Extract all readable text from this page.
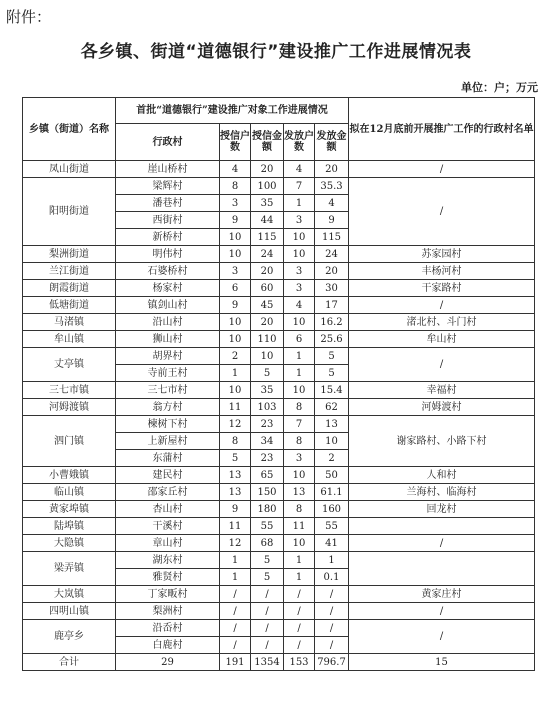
附件：
各乡镇、街道“道德银行”建设推广工作进展情况表
单位：户；万元
乡镇（街道）名称	首批“道德银行”建设推广对象工作进展情况					拟在12月底前开展推广工作的行政村名单
	行政村	授信户数	授信金额	发放户数	发放金额	
凤山街道	崖山桥村	4	20	4	20	/
阳明街道	梁辉村	8	100	7	35.3	/
	潘巷村	3	35	1	4	
	西街村	9	44	3	9	
	新桥村	10	115	10	115	
梨洲街道	明伟村	10	24	10	24	苏家园村
兰江街道	石婆桥村	3	20	3	20	丰杨河村
朗霞街道	杨家村	6	60	3	30	干家路村
低塘街道	镇剑山村	9	45	4	17	/
马渚镇	沿山村	10	20	10	16.2	渚北村、斗门村
牟山镇	狮山村	10	110	6	25.6	牟山村
丈亭镇	胡界村	2	10	1	5	/
	寺前王村	1	5	1	5	
三七市镇	三七市村	10	35	10	15.4	幸福村
河姆渡镇	翁方村	11	103	8	62	河姆渡村
泗门镇	楝树下村	12	23	7	13	谢家路村、小路下村
	上新屋村	8	34	8	10	
	东蒲村	5	23	3	2	
小曹娥镇	建民村	13	65	10	50	人和村
临山镇	邵家丘村	13	150	13	61.1	兰海村、临海村
黄家埠镇	杏山村	9	180	8	160	回龙村
陆埠镇	干溪村	11	55	11	55	
大隐镇	章山村	12	68	10	41	/
梁弄镇	湖东村	1	5	1	1	
	雅贤村	1	5	1	0.1	
大岚镇	丁家畈村	/	/	/	/	黄家庄村
四明山镇	梨洲村	/	/	/	/	/
鹿亭乡	沿岙村	/	/	/	/	/
	白鹿村	/	/	/	/	
合计	29	191	1354	153	796.7	15
